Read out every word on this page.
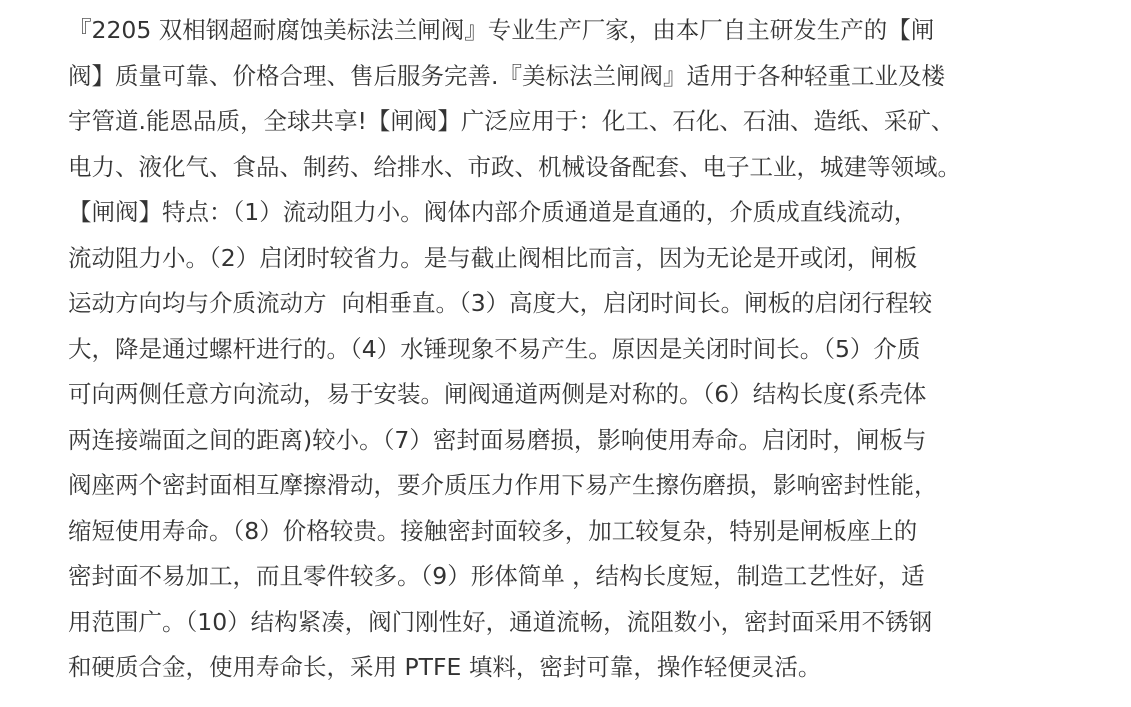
『2205 双相钢超耐腐蚀美标法兰闸阀』专业生产厂家，由本厂自主研发生产的【闸
阀】质量可靠、价格合理、售后服务完善.『美标法兰闸阀』适用于各种轻重工业及楼
宇管道.能恩品质，全球共享!【闸阀】广泛应用于：化工、石化、石油、造纸、采矿、
电力、液化气、食品、制药、给排水、市政、机械设备配套、电子工业，城建等领域。
【闸阀】特点：（1）流动阻力小。阀体内部介质通道是直通的，介质成直线流动，
流动阻力小。（2）启闭时较省力。是与截止阀相比而言，因为无论是开或闭，闸板
运动方向均与介质流动方  向相垂直。（3）高度大，启闭时间长。闸板的启闭行程较
大，降是通过螺杆进行的。（4）水锤现象不易产生。原因是关闭时间长。（5）介质
可向两侧任意方向流动，易于安装。闸阀通道两侧是对称的。（6）结构长度(系壳体
两连接端面之间的距离)较小。（7）密封面易磨损，影响使用寿命。启闭时，闸板与
阀座两个密封面相互摩擦滑动，要介质压力作用下易产生擦伤磨损，影响密封性能，
缩短使用寿命。（8）价格较贵。接触密封面较多，加工较复杂，特别是闸板座上的
密封面不易加工，而且零件较多。（9）形体简单 ，结构长度短，制造工艺性好，适
用范围广。（10）结构紧凑，阀门刚性好，通道流畅，流阻数小，密封面采用不锈钢
和硬质合金，使用寿命长，采用 PTFE 填料，密封可靠，操作轻便灵活。
